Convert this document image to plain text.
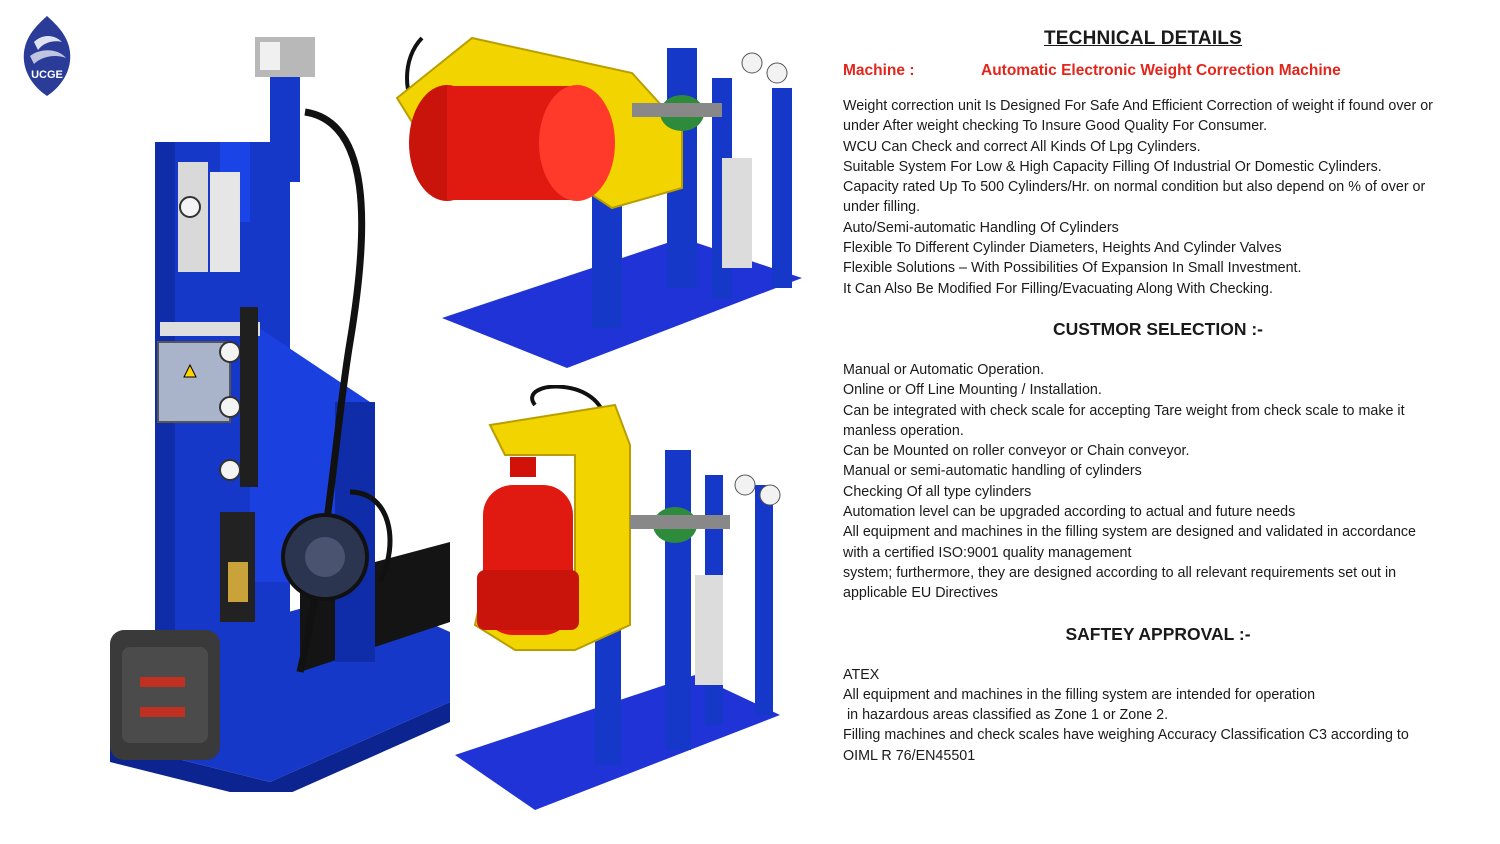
UCGE
TECHNICAL DETAILS
Machine :	Automatic Electronic Weight Correction Machine
Weight correction unit Is Designed For Safe And Efficient Correction of weight if found over or under After weight checking To Insure Good Quality For Consumer.
WCU Can Check and correct All Kinds Of Lpg Cylinders.
Suitable System For Low & High Capacity Filling Of Industrial Or Domestic Cylinders.
Capacity rated Up To 500 Cylinders/Hr. on normal condition but also depend on % of over or under filling.
Auto/Semi-automatic Handling Of Cylinders
Flexible To Different Cylinder Diameters, Heights And Cylinder Valves
Flexible Solutions – With Possibilities Of Expansion In Small Investment.
It Can Also Be Modified For Filling/Evacuating Along With Checking.
CUSTMOR SELECTION :-
Manual or Automatic Operation.
Online or Off Line Mounting / Installation.
Can be integrated with check scale for accepting Tare weight from check scale to make it manless operation.
Can be Mounted on roller conveyor or Chain conveyor.
Manual or semi-automatic handling of cylinders
Checking Of all type cylinders
Automation level can be upgraded according to actual and future needs
All equipment and machines in the filling system are designed and validated in accordance with a certified ISO:9001 quality management
system; furthermore, they are designed according to all relevant requirements set out in applicable EU Directives
SAFTEY APPROVAL :-
ATEX
All equipment and machines in the filling system are intended for operation
in hazardous areas classified as Zone 1 or Zone 2.
Filling machines and check scales have weighing Accuracy Classification C3 according to OIML R 76/EN45501
